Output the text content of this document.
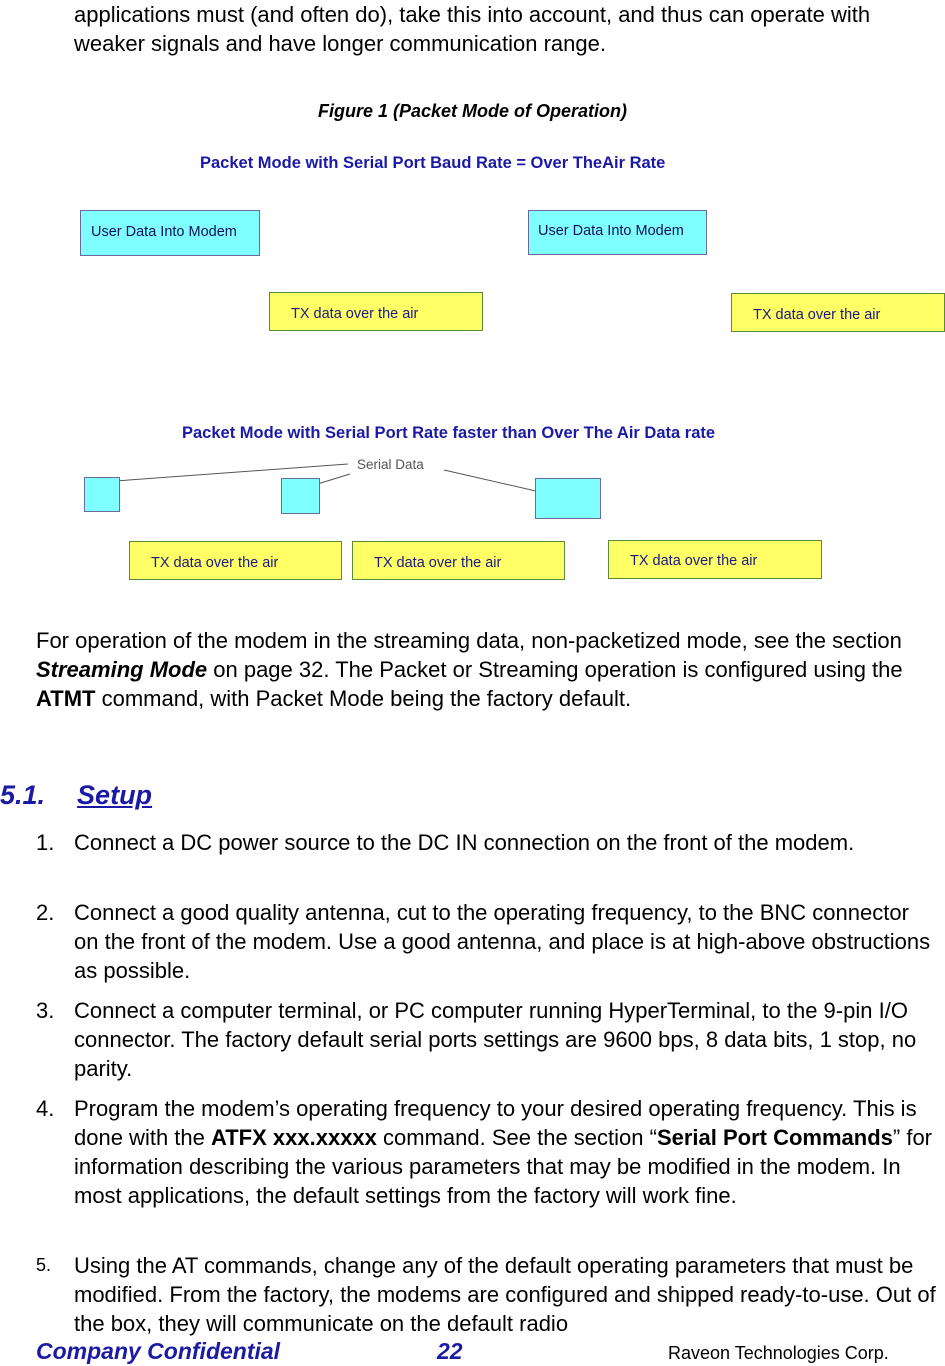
applications must (and often do), take this into account, and thus can operate with weaker signals and have longer communication range.

Figure 1 (Packet Mode of Operation)
Packet Mode with Serial Port Baud Rate = Over TheAir Rate
User Data Into Modem	User Data Into Modem
TX data over the air	TX data over the air
Packet Mode with Serial Port Rate faster than Over The Air Data rate
Serial Data
TX data over the air	TX data over the air	TX data over the air

For operation of the modem in the streaming data, non-packetized mode, see the section Streaming Mode on page 32. The Packet or Streaming operation is configured using the ATMT command, with Packet Mode being the factory default.

5.1. Setup
1. Connect a DC power source to the DC IN connection on the front of the modem.
2. Connect a good quality antenna, cut to the operating frequency, to the BNC connector on the front of the modem. Use a good antenna, and place is at high-above obstructions as possible.
3. Connect a computer terminal, or PC computer running HyperTerminal, to the 9-pin I/O connector. The factory default serial ports settings are 9600 bps, 8 data bits, 1 stop, no parity.
4. Program the modem’s operating frequency to your desired operating frequency. This is done with the ATFX xxx.xxxxx command. See the section “Serial Port Commands” for information describing the various parameters that may be modified in the modem. In most applications, the default settings from the factory will work fine.
5. Using the AT commands, change any of the default operating parameters that must be modified. From the factory, the modems are configured and shipped ready-to-use. Out of the box, they will communicate on the default radio
Company Confidential	22	Raveon Technologies Corp.
